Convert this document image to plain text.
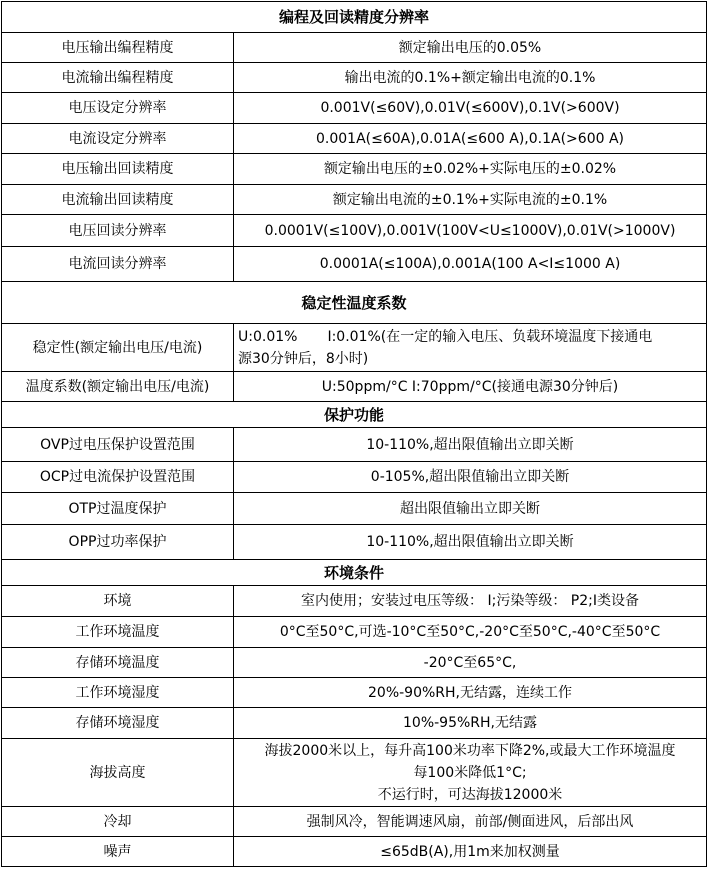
编程及回读精度分辨率	
电压输出编程精度	额定输出电压的0.05%
电流输出编程精度	输出电流的0.1%+额定输出电流的0.1%
电压设定分辨率	0.001V(≤60V),0.01V(≤600V),0.1V(>600V)
电流设定分辨率	0.001A(≤60A),0.01A(≤600 A),0.1A(>600 A)
电压输出回读精度	额定输出电压的±0.02%+实际电压的±0.02%
电流输出回读精度	额定输出电流的±0.1%+实际电流的±0.1%
电压回读分辨率	0.0001V(≤100V),0.001V(100V<U≤1000V),0.01V(>1000V)
电流回读分辨率	0.0001A(≤100A),0.001A(100 A<I≤1000 A)
稳定性温度系数	
稳定性(额定输出电压/电流)	U:0.01% I:0.01%(在一定的输入电压、负载环境温度下接通电
源30分钟后，8小时)
温度系数(额定输出电压/电流)	U:50ppm/°C I:70ppm/°C(接通电源30分钟后)
保护功能	
OVP过电压保护设置范围	10-110%,超出限值输出立即关断
OCP过电流保护设置范围	0-105%,超出限值输出立即关断
OTP过温度保护	超出限值输出立即关断
OPP过功率保护	10-110%,超出限值输出立即关断
环境条件	
环境	室内使用；安装过电压等级： I;污染等级： P2;I类设备
工作环境温度	0°C至50°C,可选-10°C至50°C,-20°C至50°C,-40°C至50°C
存储环境温度	-20°C至65°C,
工作环境湿度	20%-90%RH,无结露，连续工作
存储环境湿度	10%-95%RH,无结露
海拔高度	海拔2000米以上，每升高100米功率下降2%,或最大工作环境温度
每100米降低1°C;
不运行时，可达海拔12000米
冷却	强制风冷，智能调速风扇，前部/侧面进风，后部出风
噪声	≤65dB(A),用1m来加权测量
